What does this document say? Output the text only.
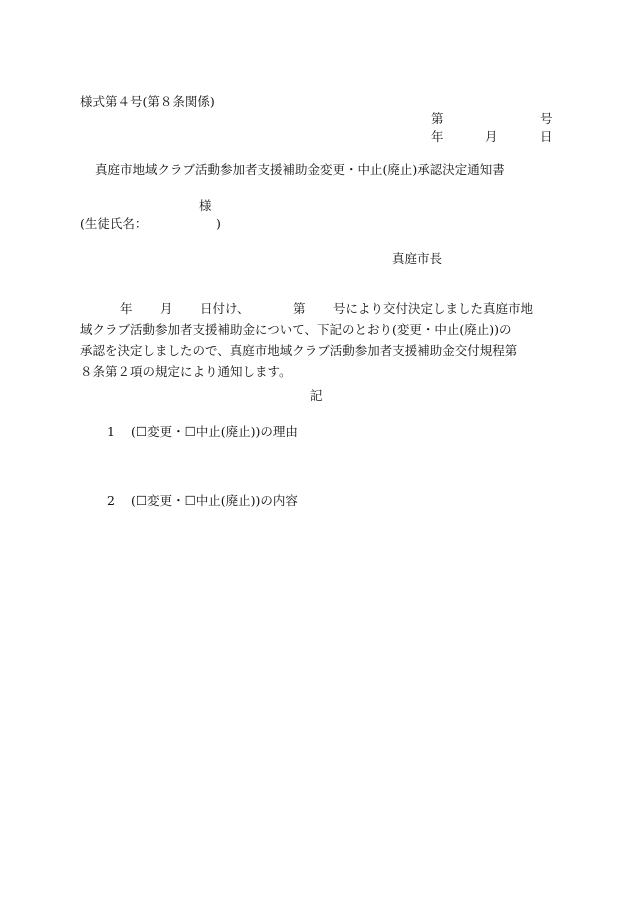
様式第４号(第８条関係)
第	号
年	月	日
真庭市地域クラブ活動参加者支援補助金変更・中止(廃止)承認決定通知書
様
(生徒氏名：	)
真庭市長
年 月 日付け、	第 号により交付決定しました真庭市地
域クラブ活動参加者支援補助金について、下記のとおり(変更・中止(廃止))の
承認を決定しましたので、真庭市地域クラブ活動参加者支援補助金交付規程第
８条第２項の規定により通知します。
記
1 (☐変更・☐中止(廃止))の理由
2 (☐変更・☐中止(廃止))の内容
